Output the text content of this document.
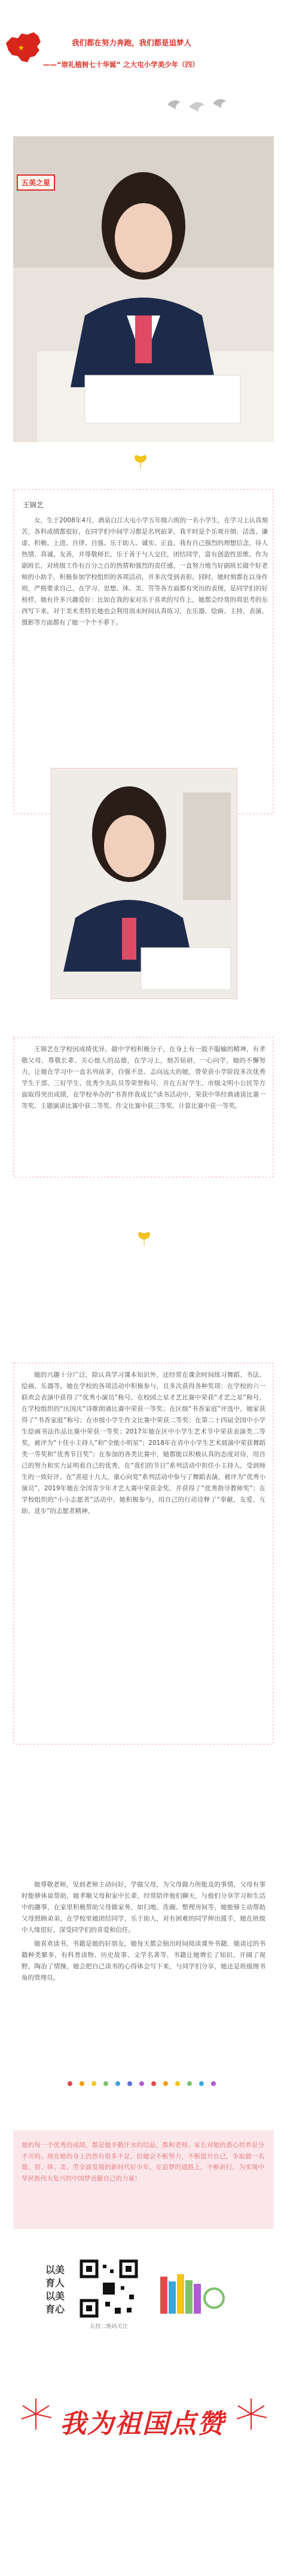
★
我们都在努力奔跑，我们都是追梦人
——“崇礼植树七十华诞” 之大屯小学美少年（四）
五美之星
王锦艺

女，生于2008年4月，酒泉白江大屯小学五年级六班的一名小学生，在学习上认真刻苦，各科成绩都很好，在同学们中间学习都是名列前茅，我平时是个乐观开朗、活泼、谦虚、积极、上进、自律、自强、乐于助人、诚实、正直，我有自己强烈的理想信念，待人热情、真诚、友善，并尊敬师长，乐于善于与人交往，团结同学，富有创造性思维。作为副班长，对班级工作有百分之百的热情和强烈的责任感，一直努力地当好副班长做个好老师的小助手，积极参加学校组织的各项活动，并多次受到表彰。同时，她时刻都在以身作则，严格要求自己，在学习、思想、体、美、劳等各方面都有突出的表现，是同学们的好榜样，她有许多兴趣爱好：比如在我的家对乐于喜欢的写作上，她都会经常的将思考的东西写下来，对于美术类特长她也会利用周末时间认真练习，在乐器、绘画、主持、表演、摄影等方面都有了她一个个不菲下。

王锦艺在学校因成绩优异，做中学校积极分子，在身上有一股不服输的精神，有孝敬父母、尊敬长辈、关心他人的品德，在学习上，刻苦钻研，一心向学，她的不懈努力，让她在学习中一直名列前茅，自强不息、志向远大的她，曾荣获小学阶段多次优秀学生干部，三好学生、优秀少先队员等荣誉称号，并在五好学生、市级文明小公民等方面取得突出成绩，在学校举办的“书香伴我成长”读书活动中，荣获中华经典诵读比赛一等奖、主题演讲比赛中获二等奖、作文比赛中获三等奖、计算比赛中获一等奖。

她的兴趣十分广泛，除认真学习课本知识外，还经常在课余时间练习舞蹈、书法、绘画、乐器等。她在学校的各项活动中积极参与，且多次获得各种奖项：在学校的六一联欢会表演中获得了“优秀小演员”称号，在校园之星才艺比赛中荣获“才艺之星”称号，在学校组织的“庆国庆”诗歌朗诵比赛中荣获一等奖；在区级“书香家庭”评选中，她家获得了“书香家庭”称号；在市级小学生作文比赛中荣获二等奖；在第二十四届全国中小学生绘画书法作品比赛中荣获一等奖；2017年她在区中小学生艺术节中荣获表演类二等奖，被评为“十佳小主持人”和“全能小明星”；2018年在省中小学生艺术展演中荣获舞蹈类一等奖和“优秀节目奖”；在参加的各类比赛中，她都能以积极认真的态度对待，用自己的努力和实力证明着自己的优秀，在“我们的节日”系列活动中担任小主持人，受到师生的一致好评。在“喜迎十九大，童心向党”系列活动中参与了舞蹈表演，被评为“优秀小演员”，2019年她在全国青少年才艺大赛中荣获金奖，并获得了“优秀指导教师奖”；在学校组织的“小小志愿者”活动中，她积极参与，用自己的行动诠释了“奉献、友爱、互助、进步”的志愿者精神。

她尊敬老师，见到老师主动问好，学做父母，为父母做力所能及的事情，父母有事时能够体谅帮助，她孝顺父母和家中长辈，经常陪伴他们聊天，与他们分享学习和生活中的趣事，在家里积极帮助父母做家务，如扫地、洗碗、整理房间等，她能够主动帮助父母照顾弟弟，在学校里她团结同学，乐于助人，对有困难的同学伸出援手，她在班级中人缘很好，深受同学们的喜爱和信任。

她喜欢读书，书籍是她的好朋友，她每天都会抽出时间阅读课外书籍，她读过的书籍种类繁多，有科普读物、历史故事、文学名著等，书籍让她增长了知识，开阔了视野，陶冶了情操，她会把自己读书的心得体会写下来，与同学们分享，她还是班级图书角的管理员。

她的每一个优秀的成绩，都是她辛勤汗水的结晶，都和老师、家长对她的悉心培养是分不开的。现在她的身上仍然有很多不足，但她会不断努力，不断提升自己，争取做一名德、智、体、美、劳全面发展的新时代好少年，在追梦的道路上，不断前行，为实现中华民族伟大复兴的中国梦贡献自己的力量！
以美育人以美育心
长按二维码关注
我为祖国点赞
